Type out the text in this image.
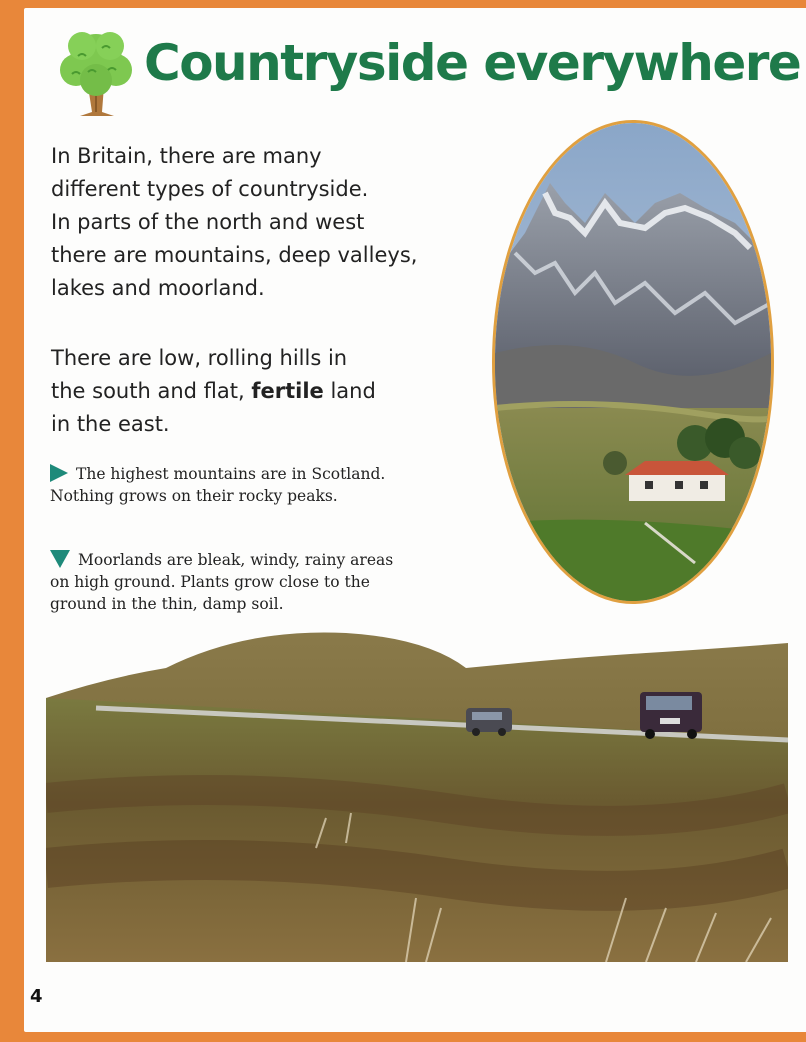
Countryside everywhere
In Britain, there are many
different types of countryside.
In parts of the north and west
there are mountains, deep valleys,
lakes and moorland.
There are low, rolling hills in
the south and flat, fertile land
in the east.
The highest mountains are in Scotland.
Nothing grows on their rocky peaks.
Moorlands are bleak, windy, rainy areas
on high ground. Plants grow close to the
ground in the thin, damp soil.
4
